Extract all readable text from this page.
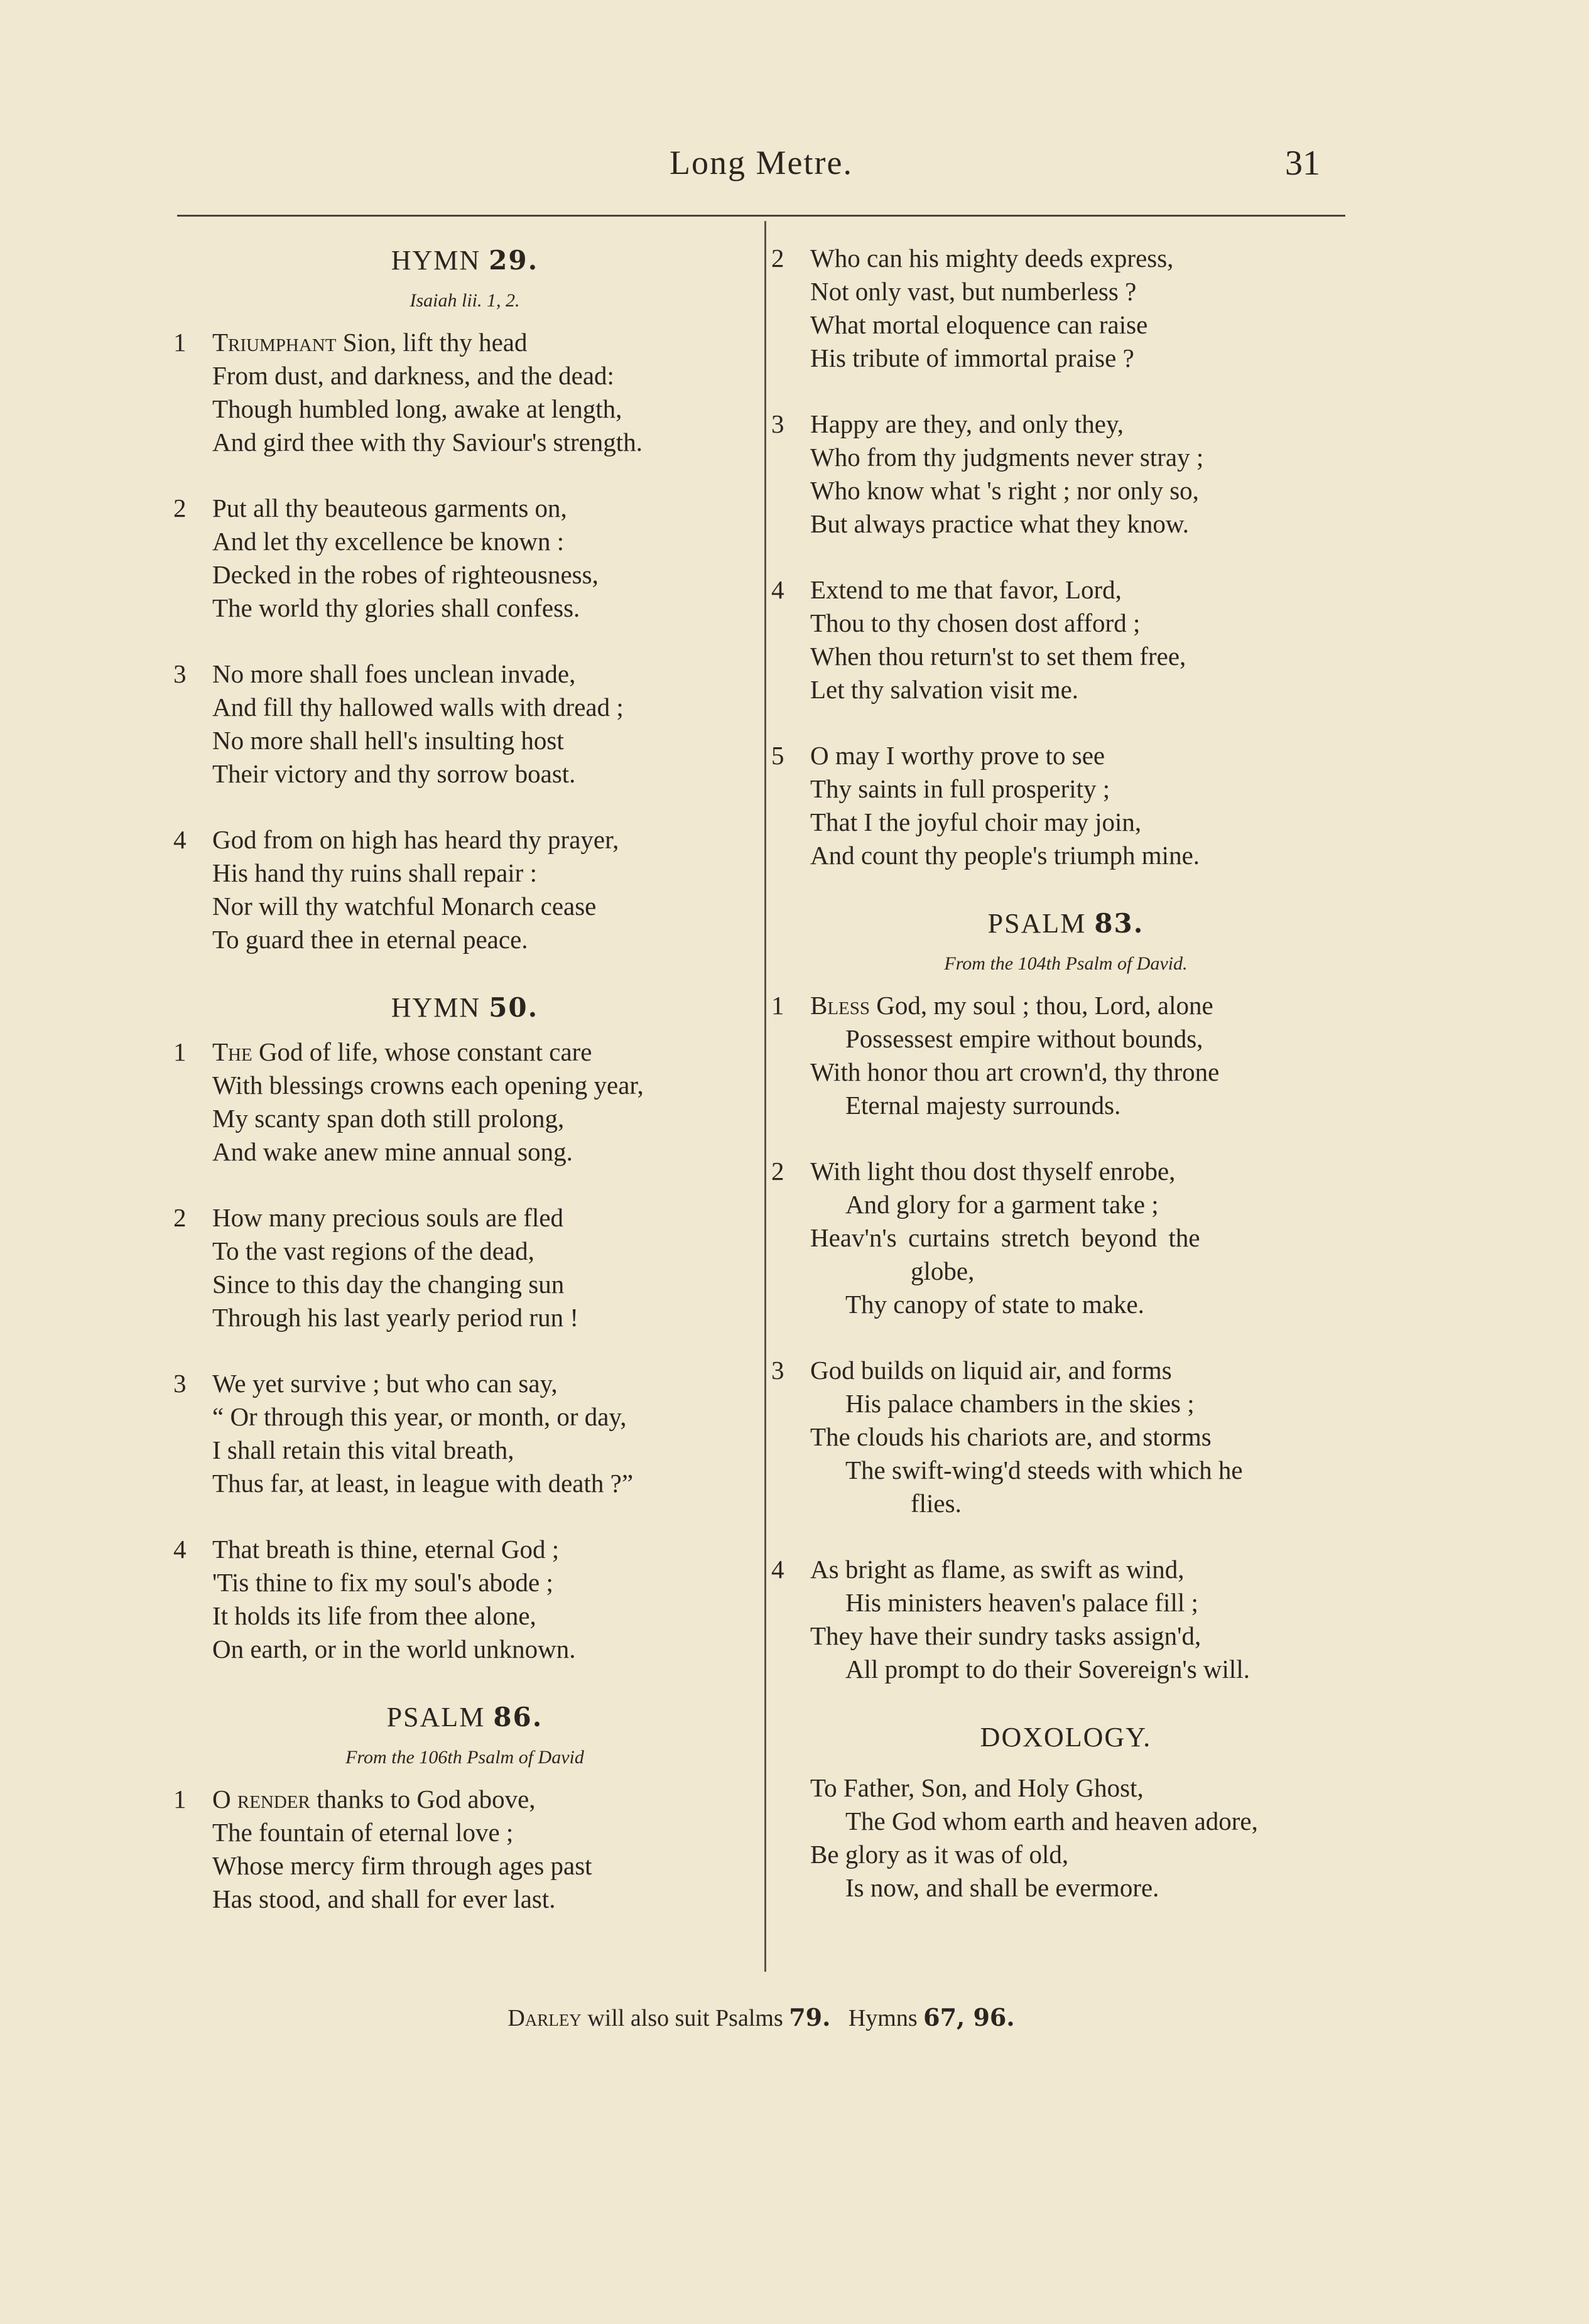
Long Metre.	31
HYMN 29.
Isaiah lii. 1, 2.
1	Triumphant Sion, lift thy head
From dust, and darkness, and the dead:
Though humbled long, awake at length,
And gird thee with thy Saviour's strength.
2	Put all thy beauteous garments on,
And let thy excellence be known :
Decked in the robes of righteousness,
The world thy glories shall confess.
3	No more shall foes unclean invade,
And fill thy hallowed walls with dread ;
No more shall hell's insulting host
Their victory and thy sorrow boast.
4	God from on high has heard thy prayer,
His hand thy ruins shall repair :
Nor will thy watchful Monarch cease
To guard thee in eternal peace.
HYMN 50.
1	The God of life, whose constant care
With blessings crowns each opening year,
My scanty span doth still prolong,
And wake anew mine annual song.
2	How many precious souls are fled
To the vast regions of the dead,
Since to this day the changing sun
Through his last yearly period run !
3	We yet survive ; but who can say,
“ Or through this year, or month, or day,
I shall retain this vital breath,
Thus far, at least, in league with death ?”
4	That breath is thine, eternal God ;
'Tis thine to fix my soul's abode ;
It holds its life from thee alone,
On earth, or in the world unknown.
PSALM 86.
From the 106th Psalm of David
1	O render thanks to God above,
The fountain of eternal love ;
Whose mercy firm through ages past
Has stood, and shall for ever last.
2	Who can his mighty deeds express,
Not only vast, but numberless ?
What mortal eloquence can raise
His tribute of immortal praise ?
3	Happy are they, and only they,
Who from thy judgments never stray ;
Who know what 's right ; nor only so,
But always practice what they know.
4	Extend to me that favor, Lord,
Thou to thy chosen dost afford ;
When thou return'st to set them free,
Let thy salvation visit me.
5	O may I worthy prove to see
Thy saints in full prosperity ;
That I the joyful choir may join,
And count thy people's triumph mine.
PSALM 83.
From the 104th Psalm of David.
1	Bless God, my soul ; thou, Lord, alone
Possessest empire without bounds,
With honor thou art crown'd, thy throne
Eternal majesty surrounds.
2	With light thou dost thyself enrobe,
And glory for a garment take ;
Heav'n's curtains stretch beyond the
globe,
Thy canopy of state to make.
3	God builds on liquid air, and forms
His palace chambers in the skies ;
The clouds his chariots are, and storms
The swift-wing'd steeds with which he
flies.
4	As bright as flame, as swift as wind,
His ministers heaven's palace fill ;
They have their sundry tasks assign'd,
All prompt to do their Sovereign's will.
DOXOLOGY.
To Father, Son, and Holy Ghost,
The God whom earth and heaven adore,
Be glory as it was of old,
Is now, and shall be evermore.
Darley will also suit Psalms 79.   Hymns 67, 96.
